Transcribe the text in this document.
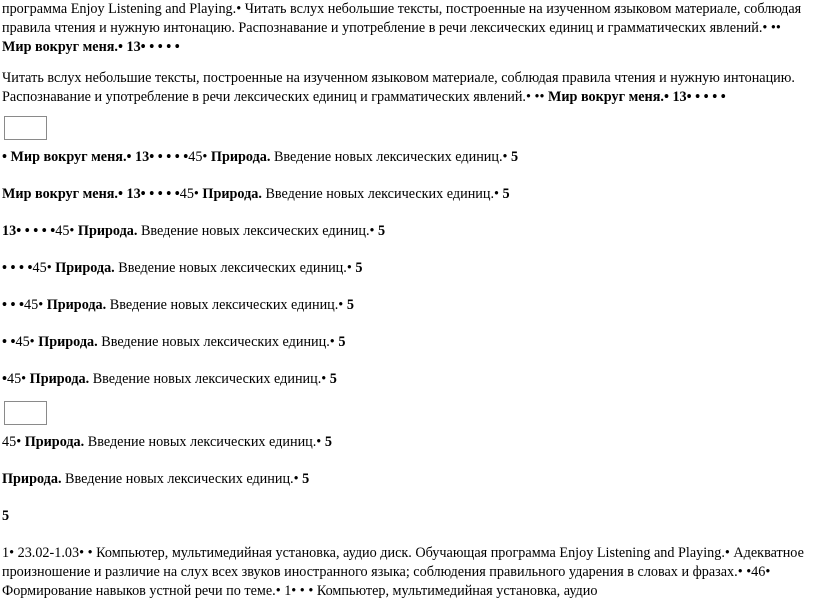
программа Enjoy Listening and Playing.• Читать вслух небольшие тексты, построенные на изученном языковом материале, соблюдая правила чтения и нужную интонацию. Распознавание и употребление в речи лексических единиц и грамматических явлений.• •• Мир вокруг меня.• 13• • • • •

Читать вслух небольшие тексты, построенные на изученном языковом материале, соблюдая правила чтения и нужную интонацию. Распознавание и употребление в речи лексических единиц и грамматических явлений.• •• Мир вокруг меня.• 13• • • • •

• Мир вокруг меня.• 13• • • • •45• Природа. Введение новых лексических единиц.• 5

Мир вокруг меня.• 13• • • • •45• Природа. Введение новых лексических единиц.• 5

13• • • • •45• Природа. Введение новых лексических единиц.• 5

• • • •45• Природа. Введение новых лексических единиц.• 5

• • •45• Природа. Введение новых лексических единиц.• 5

• •45• Природа. Введение новых лексических единиц.• 5

•45• Природа. Введение новых лексических единиц.• 5

45• Природа. Введение новых лексических единиц.• 5

Природа. Введение новых лексических единиц.• 5

5

1• 23.02-1.03• • Компьютер, мультимедийная установка, аудио диск. Обучающая программа Enjoy Listening and Playing.• Адекватное произношение и различие на слух всех звуков иностранного языка; соблюдения правильного ударения в словах и фразах.• •46• Формирование навыков устной речи по теме.• 1• • • Компьютер, мультимедийная установка, аудио
